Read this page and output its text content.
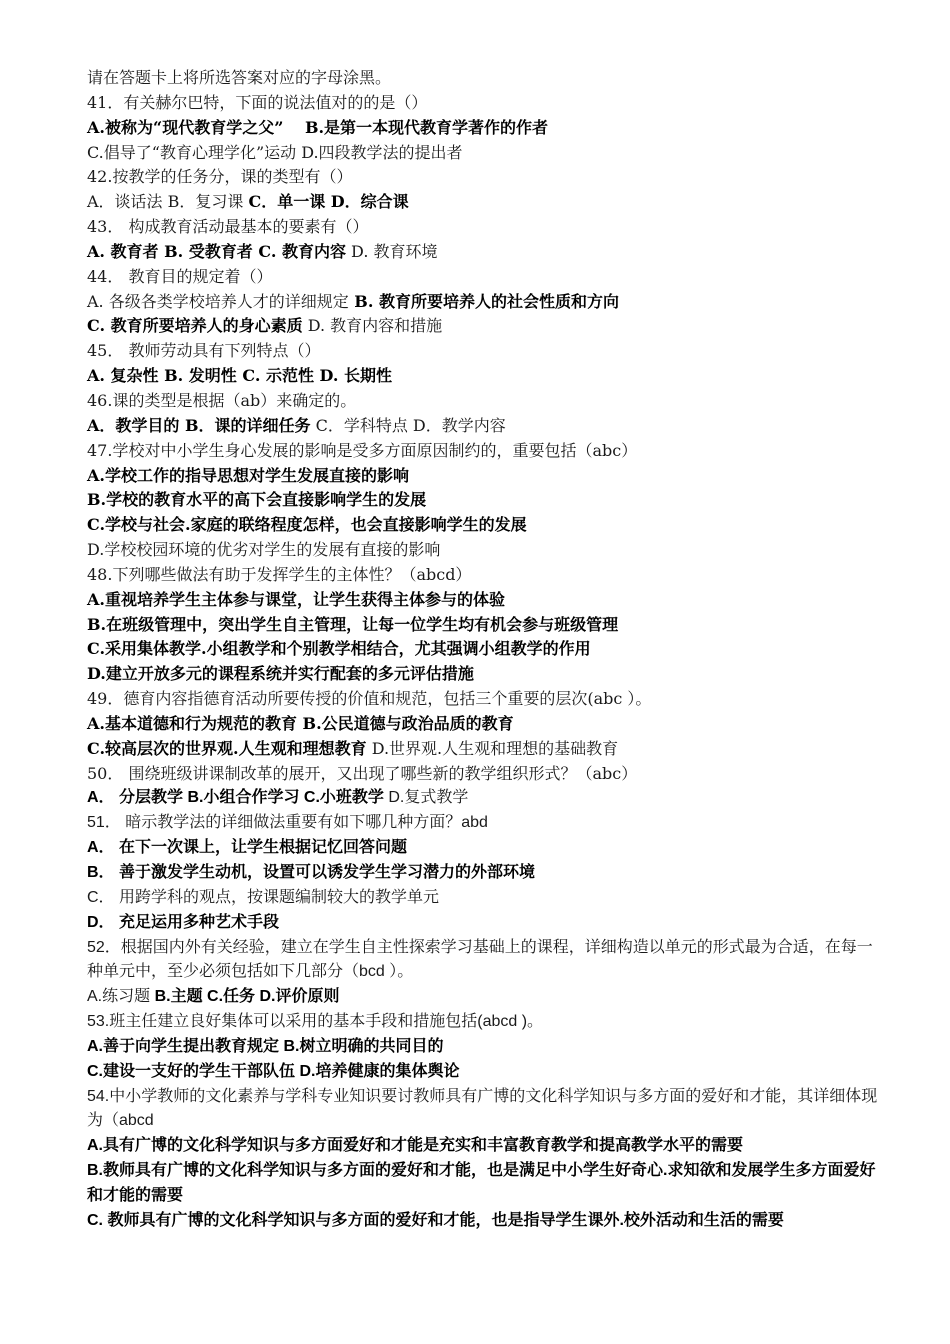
请在答题卡上将所选答案对应的字母涂黑。
41．有关赫尔巴特，下面的说法值对的的是（）
A.被称为“现代教育学之父”　 B.是第一本现代教育学著作的作者
C.倡导了“教育心理学化”运动 D.四段教学法的提出者
42.按教学的任务分，课的类型有（）
A．谈话法 B．复习课 C．单一课 D．综合课
43． 构成教育活动最基本的要素有（）
A. 教育者 B. 受教育者 C. 教育内容 D. 教育环境
44． 教育目的规定着（）
A. 各级各类学校培养人才的详细规定 B. 教育所要培养人的社会性质和方向
C. 教育所要培养人的身心素质 D. 教育内容和措施
45． 教师劳动具有下列特点（）
A. 复杂性 B. 发明性 C. 示范性 D. 长期性
46.课的类型是根据（ab）来确定的。
A．教学目的 B．课的详细任务 C．学科特点 D．教学内容
47.学校对中小学生身心发展的影响是受多方面原因制约的，重要包括（abc）
A.学校工作的指导思想对学生发展直接的影响
B.学校的教育水平的高下会直接影响学生的发展
C.学校与社会.家庭的联络程度怎样，也会直接影响学生的发展
D.学校校园环境的优劣对学生的发展有直接的影响
48.下列哪些做法有助于发挥学生的主体性？（abcd）
A.重视培养学生主体参与课堂，让学生获得主体参与的体验
B.在班级管理中，突出学生自主管理，让每一位学生均有机会参与班级管理
C.采用集体教学.小组教学和个别教学相结合，尤其强调小组教学的作用
D.建立开放多元的课程系统并实行配套的多元评估措施
49．德育内容指德育活动所要传授的价值和规范，包括三个重要的层次(abc ）。
A.基本道德和行为规范的教育 B.公民道德与政治品质的教育
C.较高层次的世界观.人生观和理想教育 D.世界观.人生观和理想的基础教育
50． 围绕班级讲课制改革的展开，又出现了哪些新的教学组织形式？（abc）
A． 分层教学 B.小组合作学习 C.小班教学 D.复式教学
51． 暗示教学法的详细做法重要有如下哪几种方面？abd
A． 在下一次课上，让学生根据记忆回答问题
B． 善于激发学生动机，设置可以诱发学生学习潜力的外部环境
C． 用跨学科的观点，按课题编制较大的教学单元
D． 充足运用多种艺术手段
52．根据国内外有关经验，建立在学生自主性探索学习基础上的课程，详细构造以单元的形式最为合适，在每一种单元中，至少必须包括如下几部分（bcd ）。
A.练习题 B.主题 C.任务 D.评价原则
53.班主任建立良好集体可以采用的基本手段和措施包括(abcd )。
A.善于向学生提出教育规定 B.树立明确的共同目的
C.建设一支好的学生干部队伍 D.培养健康的集体舆论
54.中小学教师的文化素养与学科专业知识要讨教师具有广博的文化科学知识与多方面的爱好和才能，其详细体现为（abcd
A.具有广博的文化科学知识与多方面爱好和才能是充实和丰富教育教学和提高教学水平的需要
B.教师具有广博的文化科学知识与多方面的爱好和才能，也是满足中小学生好奇心.求知欲和发展学生多方面爱好和才能的需要
C. 教师具有广博的文化科学知识与多方面的爱好和才能，也是指导学生课外.校外活动和生活的需要
